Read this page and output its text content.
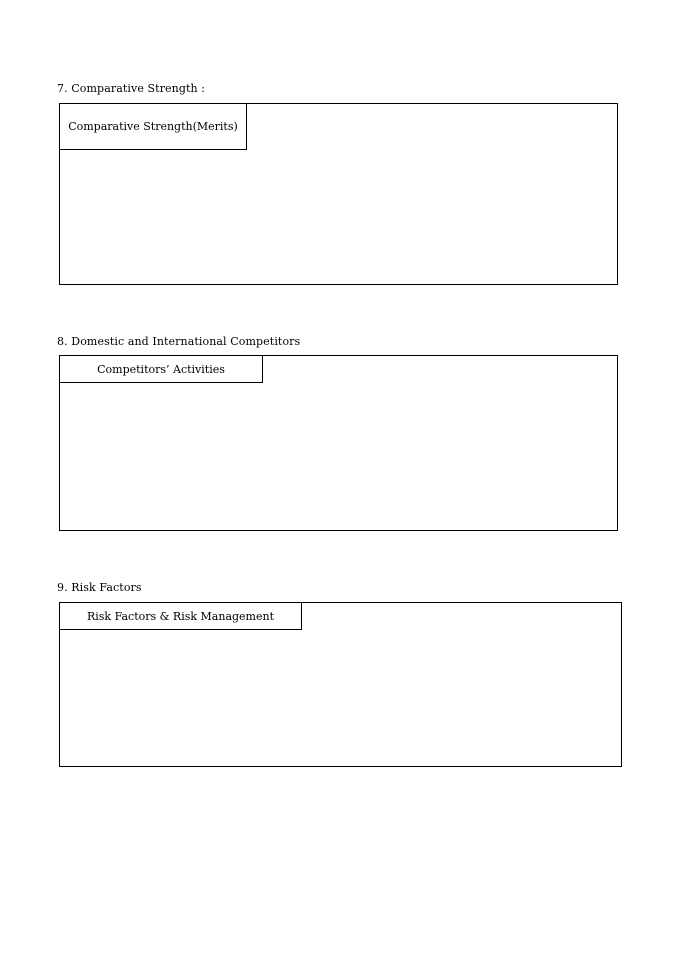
7. Comparative Strength :
Comparative Strength(Merits)
8. Domestic and International Competitors
Competitors’ Activities
9. Risk Factors
Risk Factors & Risk Management
